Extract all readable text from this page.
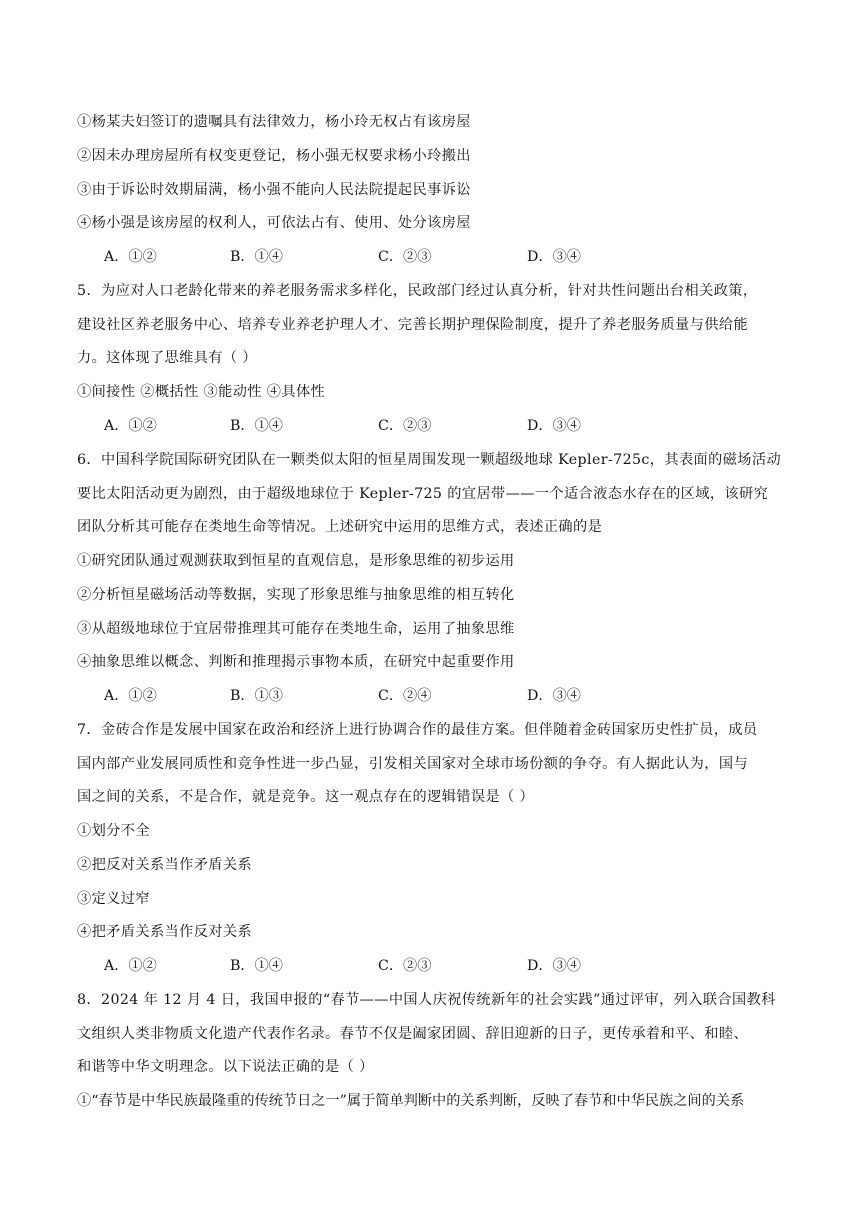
①杨某夫妇签订的遗嘱具有法律效力，杨小玲无权占有该房屋
②因未办理房屋所有权变更登记，杨小强无权要求杨小玲搬出
③由于诉讼时效期届满，杨小强不能向人民法院提起民事诉讼
④杨小强是该房屋的权利人，可依法占有、使用、处分该房屋
A．①②	B．①④	C．②③	D．③④
5．为应对人口老龄化带来的养老服务需求多样化，民政部门经过认真分析，针对共性问题出台相关政策，
建设社区养老服务中心、培养专业养老护理人才、完善长期护理保险制度，提升了养老服务质量与供给能
力。这体现了思维具有（ ）
①间接性 ②概括性 ③能动性 ④具体性
A．①②	B．①④	C．②③	D．③④
6．中国科学院国际研究团队在一颗类似太阳的恒星周围发现一颗超级地球 Kepler-725c，其表面的磁场活动
要比太阳活动更为剧烈，由于超级地球位于 Kepler-725 的宜居带——一个适合液态水存在的区域，该研究
团队分析其可能存在类地生命等情况。上述研究中运用的思维方式，表述正确的是
①研究团队通过观测获取到恒星的直观信息，是形象思维的初步运用
②分析恒星磁场活动等数据，实现了形象思维与抽象思维的相互转化
③从超级地球位于宜居带推理其可能存在类地生命，运用了抽象思维
④抽象思维以概念、判断和推理揭示事物本质，在研究中起重要作用
A．①②	B．①③	C．②④	D．③④
7．金砖合作是发展中国家在政治和经济上进行协调合作的最佳方案。但伴随着金砖国家历史性扩员，成员
国内部产业发展同质性和竞争性进一步凸显，引发相关国家对全球市场份额的争夺。有人据此认为，国与
国之间的关系，不是合作，就是竞争。这一观点存在的逻辑错误是（ ）
①划分不全
②把反对关系当作矛盾关系
③定义过窄
④把矛盾关系当作反对关系
A．①②	B．①④	C．②③	D．③④
8．2024 年 12 月 4 日，我国申报的“春节——中国人庆祝传统新年的社会实践”通过评审，列入联合国教科
文组织人类非物质文化遗产代表作名录。春节不仅是阖家团圆、辞旧迎新的日子，更传承着和平、和睦、
和谐等中华文明理念。以下说法正确的是（ ）
①“春节是中华民族最隆重的传统节日之一”属于简单判断中的关系判断，反映了春节和中华民族之间的关系
